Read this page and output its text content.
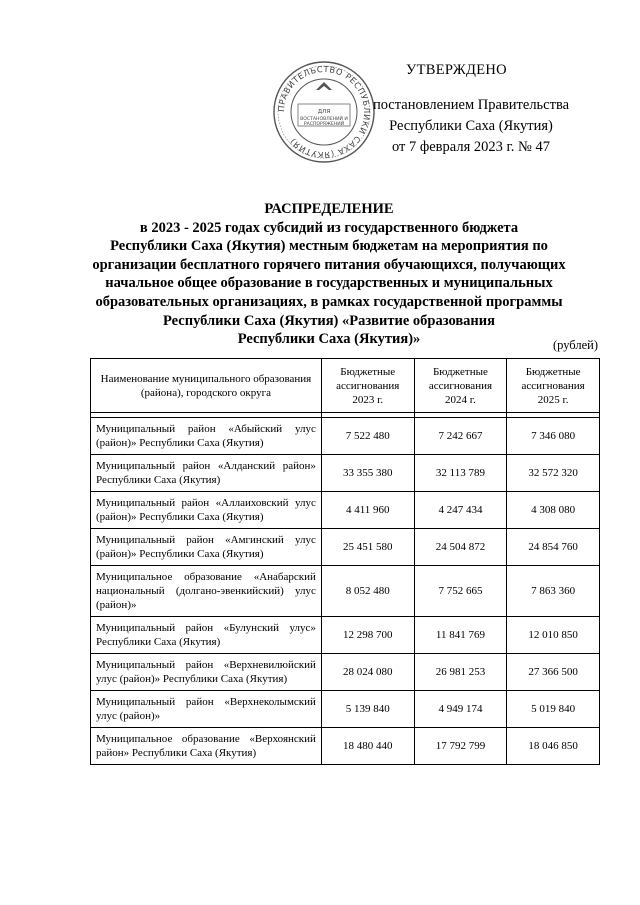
ПРАВИТЕЛЬСТВО РЕСПУБЛИКИ САХА (ЯКУТИЯ)
ДЛЯ
ВОСТАНОВЛЕНИЙ И
РАСПОРЯЖЕНИЙ
УТВЕРЖДЕНО
постановлением Правительства
Республики Саха (Якутия)
от 7 февраля 2023 г. № 47
РАСПРЕДЕЛЕНИЕ
в 2023 - 2025 годах субсидий из государственного бюджета
Республики Саха (Якутия) местным бюджетам на мероприятия по
организации бесплатного горячего питания обучающихся, получающих
начальное общее образование в государственных и муниципальных
образовательных организациях, в рамках государственной программы
Республики Саха (Якутия) «Развитие образования
Республики Саха (Якутия)»	(рублей)
Наименование муниципального образования (района), городского округа	Бюджетные ассигнования 2023 г.	Бюджетные ассигнования 2024 г.	Бюджетные ассигнования 2025 г.

Муниципальный район «Абыйский улус (район)» Республики Саха (Якутия)	7 522 480	7 242 667	7 346 080
Муниципальный район «Алданский район» Республики Саха (Якутия)	33 355 380	32 113 789	32 572 320
Муниципальный район «Аллаиховский улус (район)» Республики Саха (Якутия)	4 411 960	4 247 434	4 308 080
Муниципальный район «Амгинский улус (район)» Республики Саха (Якутия)	25 451 580	24 504 872	24 854 760
Муниципальное образование «Анабарский национальный (долгано-эвенкийский) улус (район)»	8 052 480	7 752 665	7 863 360
Муниципальный район «Булунский улус» Республики Саха (Якутия)	12 298 700	11 841 769	12 010 850
Муниципальный район «Верхневилюйский улус (район)» Республики Саха (Якутия)	28 024 080	26 981 253	27 366 500
Муниципальный район «Верхнеколымский улус (район)»	5 139 840	4 949 174	5 019 840
Муниципальное образование «Верхоянский район» Республики Саха (Якутия)	18 480 440	17 792 799	18 046 850
